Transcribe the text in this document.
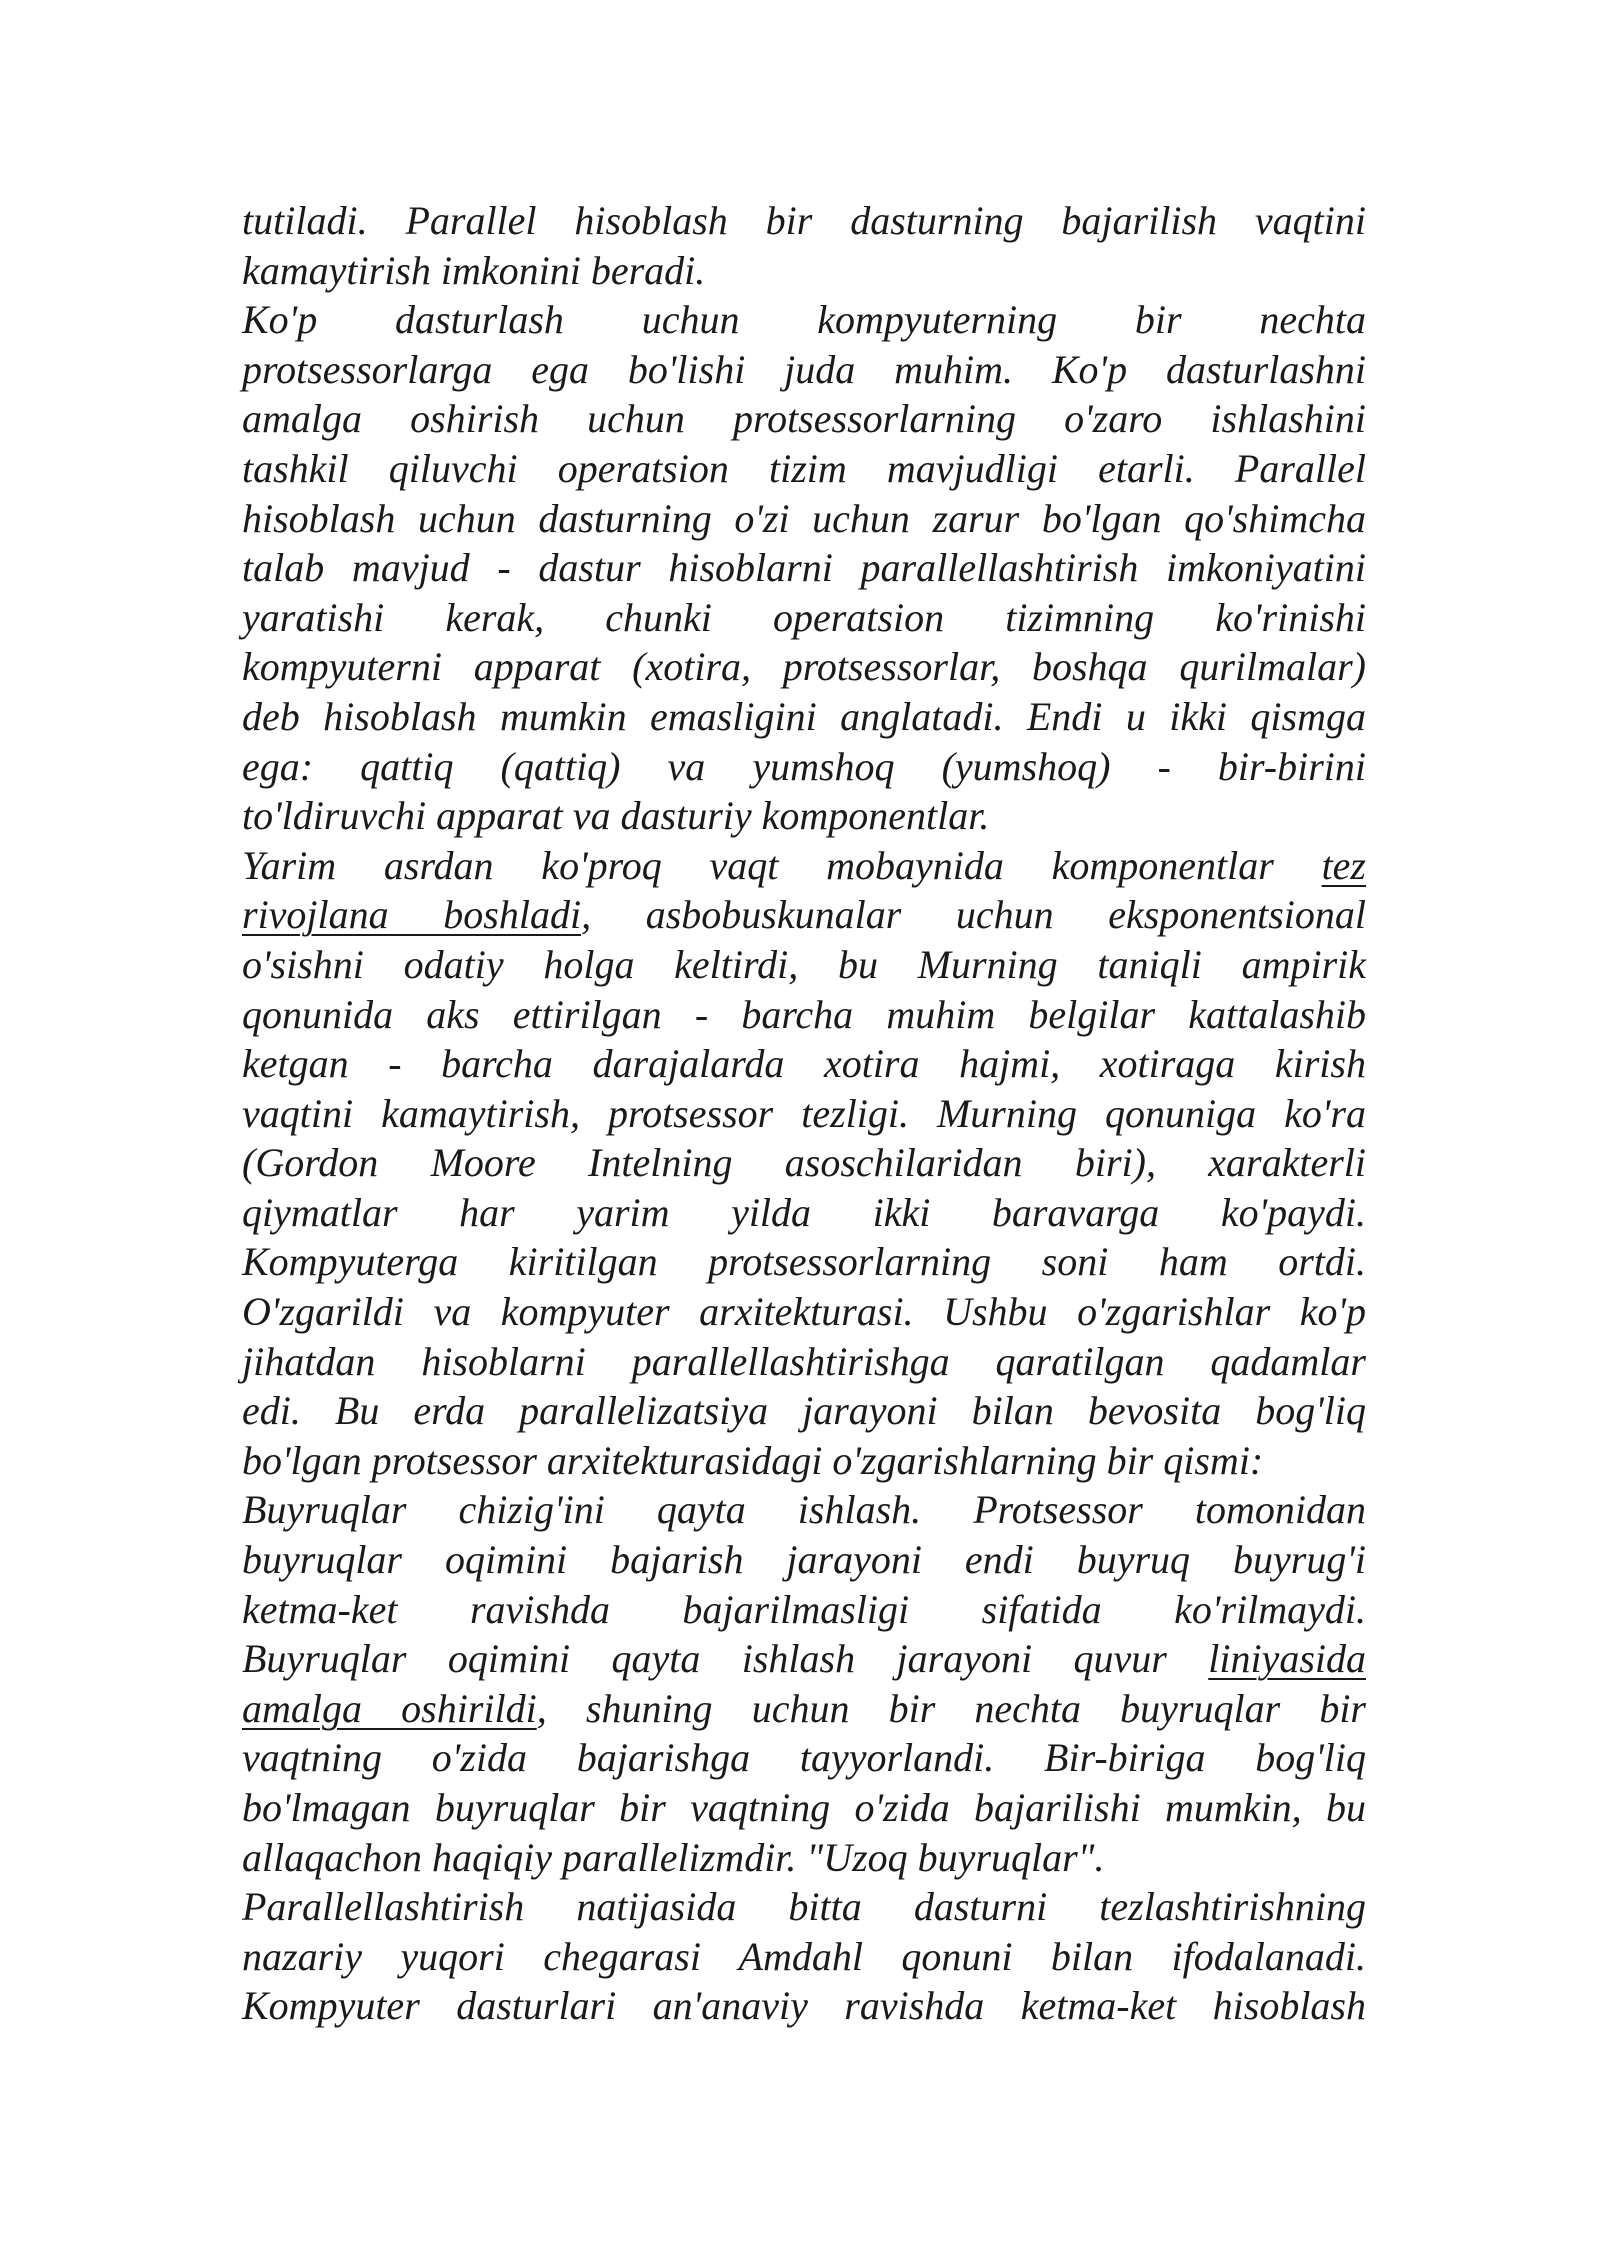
tutiladi. Parallel hisoblash bir dasturning bajarilish vaqtini
kamaytirish imkonini beradi.
Ko'p dasturlash uchun kompyuterning bir nechta
protsessorlarga ega bo'lishi juda muhim. Ko'p dasturlashni
amalga oshirish uchun protsessorlarning o'zaro ishlashini
tashkil qiluvchi operatsion tizim mavjudligi etarli. Parallel
hisoblash uchun dasturning o'zi uchun zarur bo'lgan qo'shimcha
talab mavjud - dastur hisoblarni parallellashtirish imkoniyatini
yaratishi kerak, chunki operatsion tizimning ko'rinishi
kompyuterni apparat (xotira, protsessorlar, boshqa qurilmalar)
deb hisoblash mumkin emasligini anglatadi. Endi u ikki qismga
ega: qattiq (qattiq) va yumshoq (yumshoq) - bir-birini
to'ldiruvchi apparat va dasturiy komponentlar.
Yarim asrdan ko'proq vaqt mobaynida komponentlar tez
rivojlana boshladi, asbobuskunalar uchun eksponentsional
o'sishni odatiy holga keltirdi, bu Murning taniqli ampirik
qonunida aks ettirilgan - barcha muhim belgilar kattalashib
ketgan - barcha darajalarda xotira hajmi, xotiraga kirish
vaqtini kamaytirish, protsessor tezligi. Murning qonuniga ko'ra
(Gordon Moore Intelning asoschilaridan biri), xarakterli
qiymatlar har yarim yilda ikki baravarga ko'paydi.
Kompyuterga kiritilgan protsessorlarning soni ham ortdi.
O'zgarildi va kompyuter arxitekturasi. Ushbu o'zgarishlar ko'p
jihatdan hisoblarni parallellashtirishga qaratilgan qadamlar
edi. Bu erda parallelizatsiya jarayoni bilan bevosita bog'liq
bo'lgan protsessor arxitekturasidagi o'zgarishlarning bir qismi:
Buyruqlar chizig'ini qayta ishlash. Protsessor tomonidan
buyruqlar oqimini bajarish jarayoni endi buyruq buyrug'i
ketma-ket ravishda bajarilmasligi sifatida ko'rilmaydi.
Buyruqlar oqimini qayta ishlash jarayoni quvur liniyasida
amalga oshirildi, shuning uchun bir nechta buyruqlar bir
vaqtning o'zida bajarishga tayyorlandi. Bir-biriga bog'liq
bo'lmagan buyruqlar bir vaqtning o'zida bajarilishi mumkin, bu
allaqachon haqiqiy parallelizmdir. "Uzoq buyruqlar".
Parallellashtirish natijasida bitta dasturni tezlashtirishning
nazariy yuqori chegarasi Amdahl qonuni bilan ifodalanadi.
Kompyuter dasturlari an'anaviy ravishda ketma-ket hisoblash
